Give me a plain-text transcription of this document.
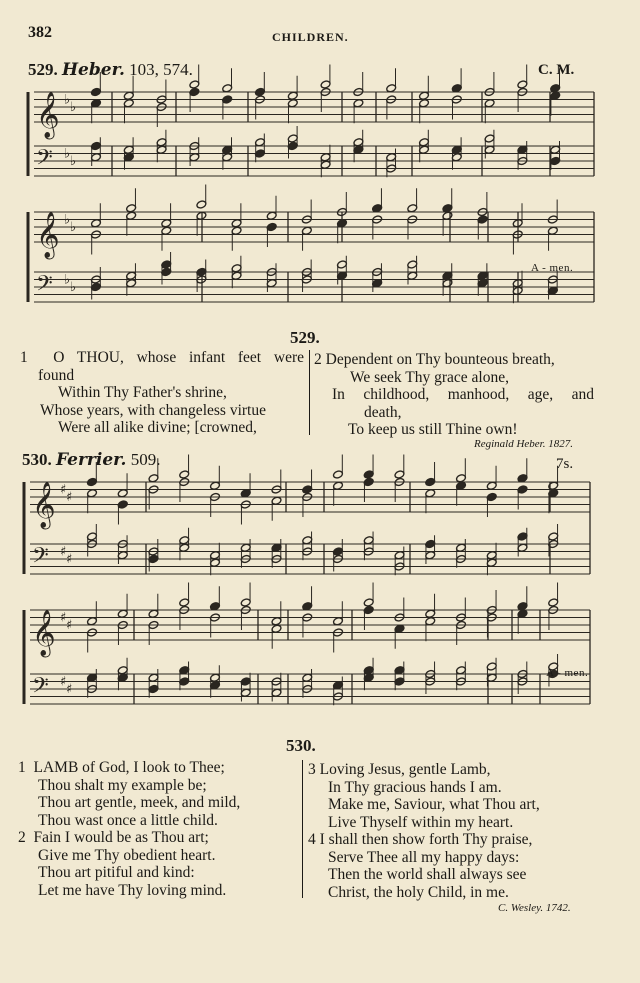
382	CHILDREN.
529. Heber. 103, 574.	C. M.
𝄞 ♭ ♭
𝄢 ♭ ♭
𝄞 ♭ ♭
𝄢 ♭ ♭
A - men.
529.
1 O THOU, whose infant feet were
found
Within Thy Father's shrine,
Whose years, with changeless virtue
Were all alike divine; [crowned,
2 Dependent on Thy bounteous breath,
We seek Thy grace alone,
In childhood, manhood, age, and
death,
To keep us still Thine own!
Reginald Heber. 1827.
530. Ferrier. 509.	7s.
𝄞 ♯ ♯
𝄢 ♯ ♯
𝄞 ♯ ♯
𝄢 ♯ ♯
A - men.
530.
1 LAMB of God, I look to Thee;
Thou shalt my example be;
Thou art gentle, meek, and mild,
Thou wast once a little child.
2 Fain I would be as Thou art;
Give me Thy obedient heart.
Thou art pitiful and kind:
Let me have Thy loving mind.
3 Loving Jesus, gentle Lamb,
In Thy gracious hands I am.
Make me, Saviour, what Thou art,
Live Thyself within my heart.
4 I shall then show forth Thy praise,
Serve Thee all my happy days:
Then the world shall always see
Christ, the holy Child, in me.
C. Wesley. 1742.
